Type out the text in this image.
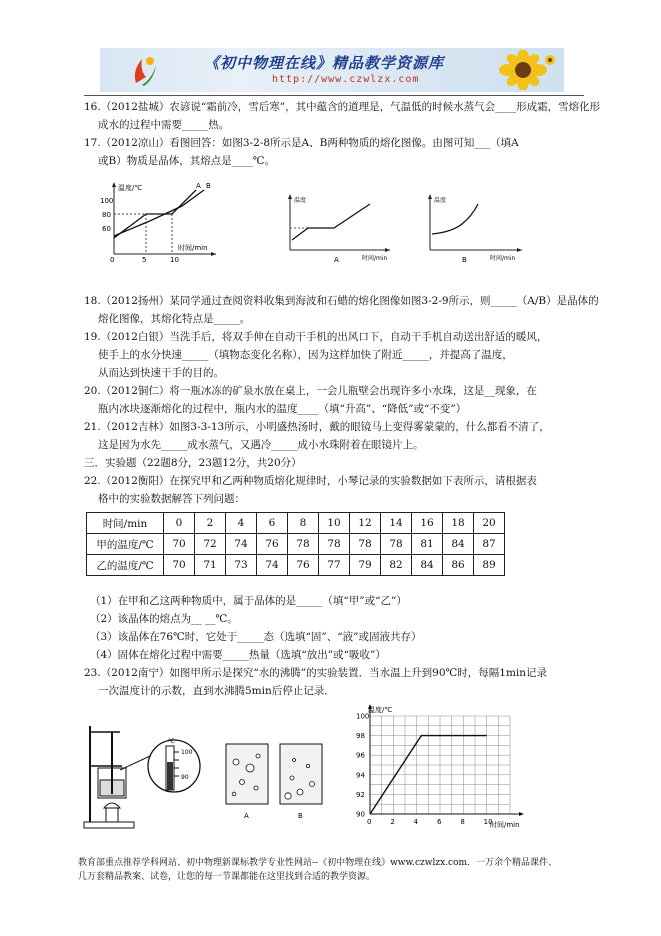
《初中物理在线》精品教学资源库
http://www.czwlzx.com
16.（2012盐城）农谚说“霜前冷，雪后寒”，其中蕴含的道理是，气温低的时候水蒸气会____形成霜，雪熔化形
成水的过程中需要_____热。
17.（2012凉山）看图回答：如图3-2-8所示是A、B两种物质的熔化图像。由图可知___（填A
或B）物质是晶体，其熔点是____℃。
温度/℃
时间/min
100
80
60
0	5	10
A B
温度
时间/min
A
温度
时间/min
B
18.（2012扬州）某同学通过查阅资料收集到海波和石蜡的熔化图像如图3-2-9所示，则_____（A/B）是晶体的
熔化图像，其熔化特点是_____。
19.（2012白银）当洗手后，将双手伸在自动干手机的出风口下，自动干手机自动送出舒适的暖风，
使手上的水分快速_____（填物态变化名称），因为这样加快了附近_____，并提高了温度，
从而达到快速干手的目的。
20.（2012铜仁）将一瓶冰冻的矿泉水放在桌上，一会儿瓶壁会出现许多小水珠，这是__现象，在
瓶内冰块逐渐熔化的过程中，瓶内水的温度____（填“升高”、“降低”或“不变”）
21.（2012吉林）如图3-3-13所示，小明盛热汤时，戴的眼镜马上变得雾蒙蒙的，什么都看不清了，
这是因为水先_____成水蒸气，又遇冷_____成小水珠附着在眼镜片上。
三．实验题（22题8分，23题12分，共20分）
22.（2012衡阳）在探究甲和乙两种物质熔化规律时，小琴记录的实验数据如下表所示，请根据表
格中的实验数据解答下列问题：
时间/min	0	2	4	6	8	10	12	14	16	18	20
甲的温度/℃	70	72	74	76	78	78	78	78	81	84	87
乙的温度/℃	70	71	73	74	76	77	79	82	84	86	89
（1）在甲和乙这两种物质中，属于晶体的是_____（填“甲”或“乙”）
（2）该晶体的熔点为__ __℃。
（3）该晶体在76℃时，它处于_____态（选填“固”、“液”或固液共存）
（4）固体在熔化过程中需要_____热量（选填“放出”或“吸收”）
23.（2012南宁）如图甲所示是探究“水的沸腾”的实验装置．当水温上升到90℃时，每隔1min记录
一次温度计的示数，直到水沸腾5min后停止记录．
℃
100
90
A	B
100
98
96
94
92
90
0	2	4	6	8	10
温度/℃
时间/min
教育部重点推荐学科网站、初中物理新课标教学专业性网站--《初中物理在线》www.czwlzx.com．一万余个精品课件、
几万套精品教案、试卷，让您的每一节课都能在这里找到合适的教学资源。
